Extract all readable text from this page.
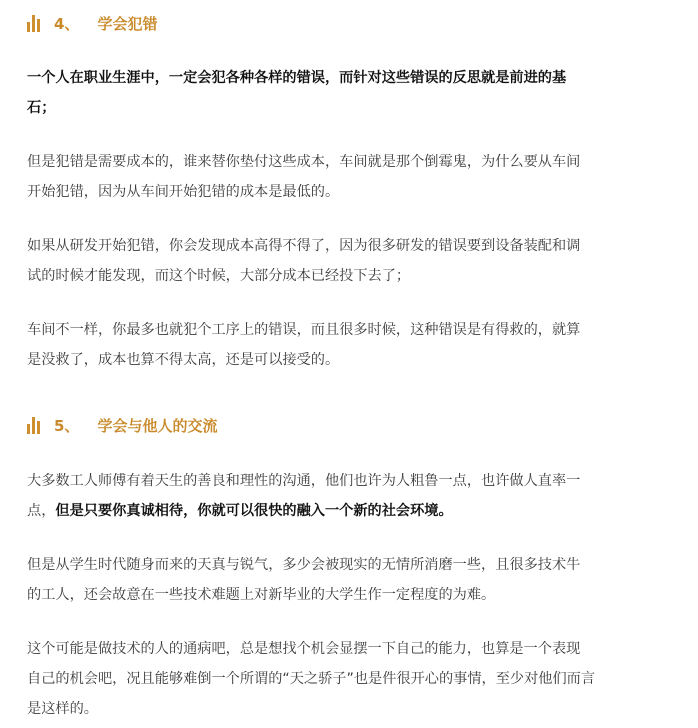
4、 学会犯错

一个人在职业生涯中，一定会犯各种各样的错误，而针对这些错误的反思就是前进的基
石；

但是犯错是需要成本的，谁来替你垫付这些成本，车间就是那个倒霉鬼，为什么要从车间
开始犯错，因为从车间开始犯错的成本是最低的。

如果从研发开始犯错，你会发现成本高得不得了，因为很多研发的错误要到设备装配和调
试的时候才能发现，而这个时候，大部分成本已经投下去了；

车间不一样，你最多也就犯个工序上的错误，而且很多时候，这种错误是有得救的，就算
是没救了，成本也算不得太高，还是可以接受的。

5、 学会与他人的交流

大多数工人师傅有着天生的善良和理性的沟通，他们也许为人粗鲁一点，也许做人直率一
点，但是只要你真诚相待，你就可以很快的融入一个新的社会环境。

但是从学生时代随身而来的天真与锐气，多少会被现实的无情所消磨一些，且很多技术牛
的工人，还会故意在一些技术难题上对新毕业的大学生作一定程度的为难。

这个可能是做技术的人的通病吧，总是想找个机会显摆一下自己的能力，也算是一个表现
自己的机会吧，况且能够难倒一个所谓的“天之骄子”也是件很开心的事情，至少对他们而言
是这样的。
